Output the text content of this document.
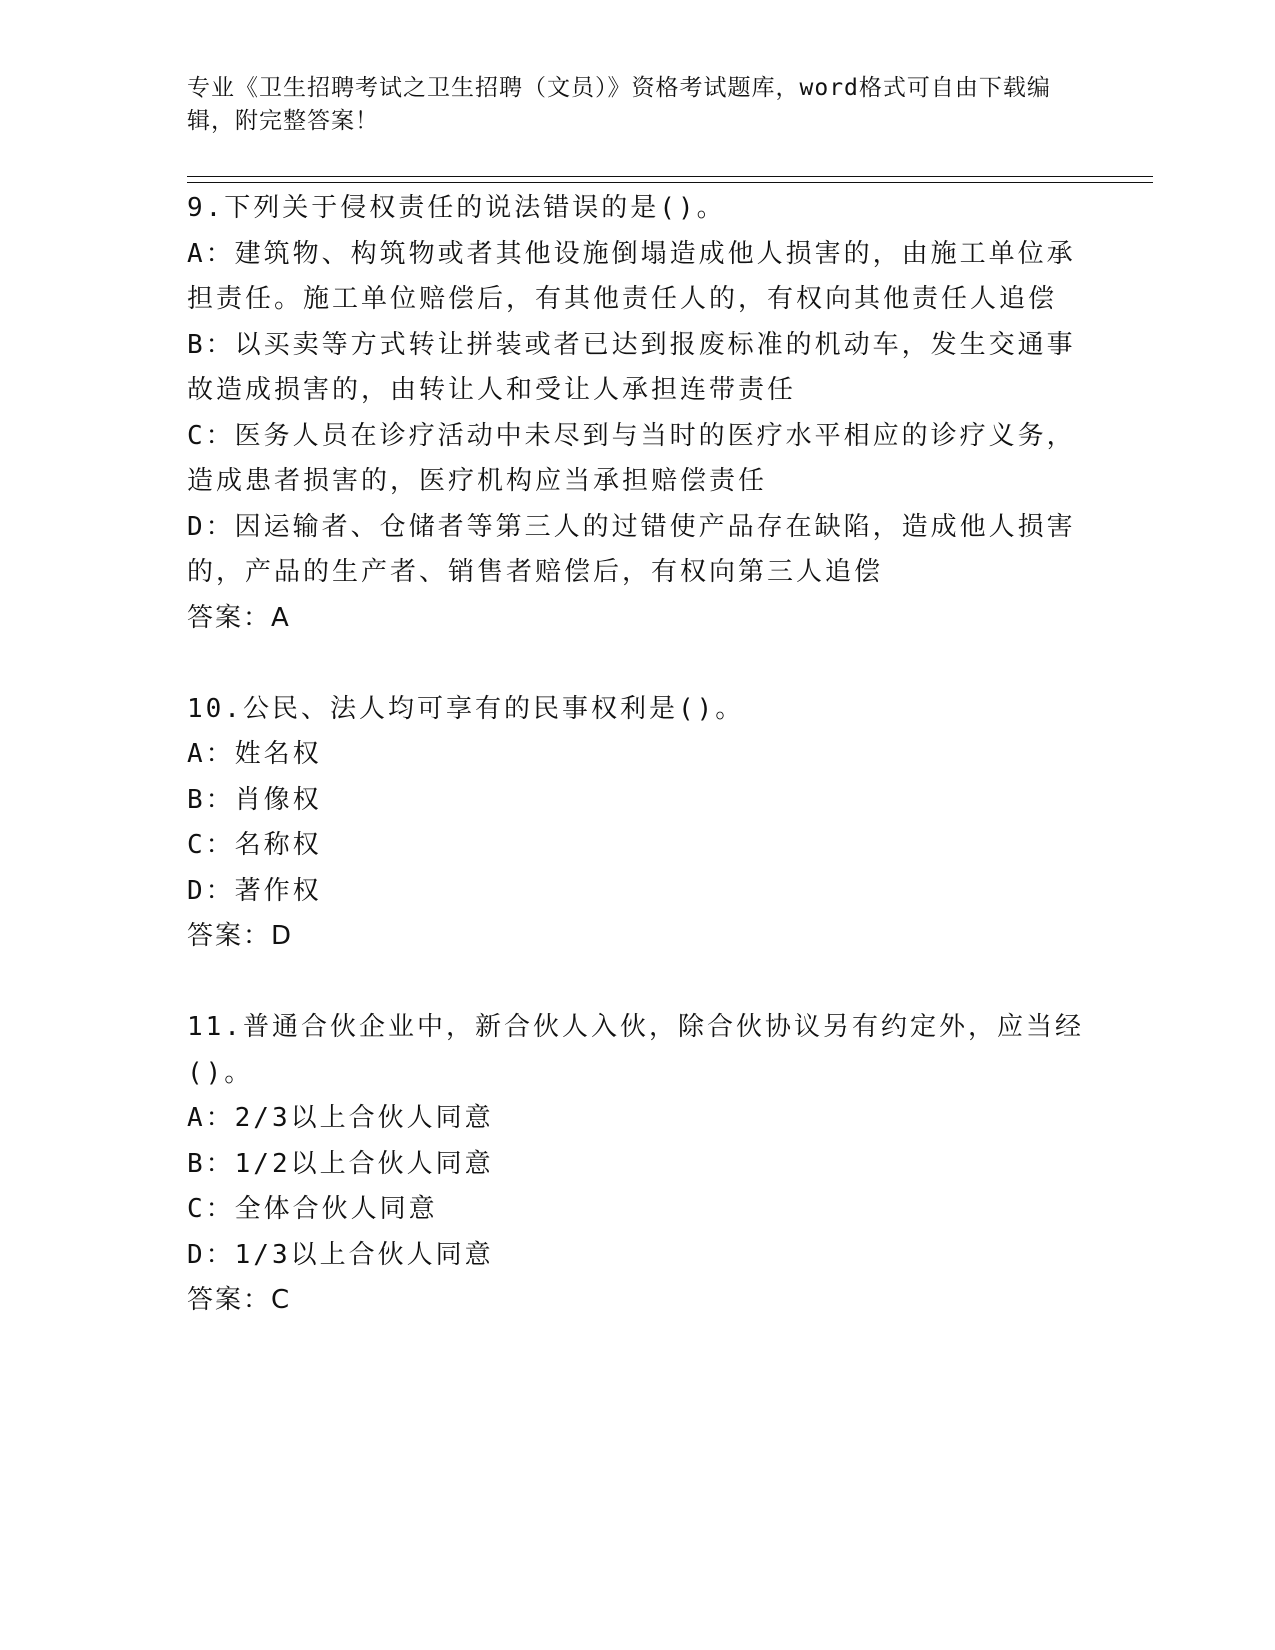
专业《卫生招聘考试之卫生招聘（文员）》资格考试题库，word格式可自由下载编辑，附完整答案！

9.下列关于侵权责任的说法错误的是()。

A：建筑物、构筑物或者其他设施倒塌造成他人损害的，由施工单位承担责任。施工单位赔偿后，有其他责任人的，有权向其他责任人追偿

B：以买卖等方式转让拼装或者已达到报废标准的机动车，发生交通事故造成损害的，由转让人和受让人承担连带责任

C：医务人员在诊疗活动中未尽到与当时的医疗水平相应的诊疗义务，造成患者损害的，医疗机构应当承担赔偿责任

D：因运输者、仓储者等第三人的过错使产品存在缺陷，造成他人损害的，产品的生产者、销售者赔偿后，有权向第三人追偿

答案：A

10.公民、法人均可享有的民事权利是()。

A：姓名权

B：肖像权

C：名称权

D：著作权

答案：D

11.普通合伙企业中，新合伙人入伙，除合伙协议另有约定外，应当经()。

A：2/3以上合伙人同意

B：1/2以上合伙人同意

C：全体合伙人同意

D：1/3以上合伙人同意

答案：C
